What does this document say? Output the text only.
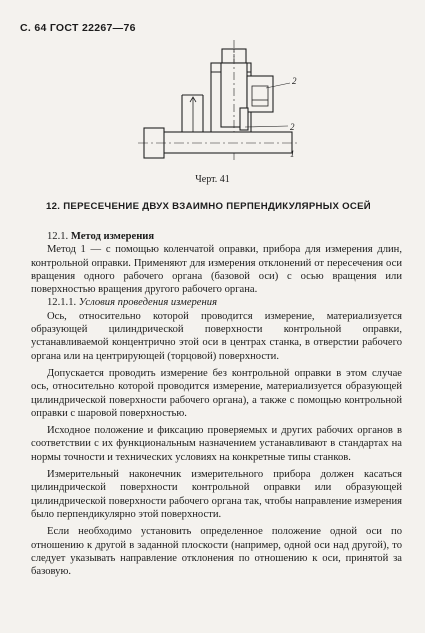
С. 64 ГОСТ 22267—76
2
2
1
Черт. 41
12. ПЕРЕСЕЧЕНИЕ ДВУХ ВЗАИМНО ПЕРПЕНДИКУЛЯРНЫХ ОСЕЙ

12.1. Метод измерения

Метод 1 — с помощью коленчатой оправки, прибора для измерения длин, контрольной оправки. Применяют для измерения отклонений от пересечения оси вращения одного рабочего органа (базовой оси) с осью вращения или поверхностью вращения другого рабочего органа.

12.1.1. Условия проведения измерения

Ось, относительно которой проводится измерение, материализуется образующей цилиндрической поверхности контрольной оправки, устанавливаемой концентрично этой оси в центрах станка, в отверстии рабочего органа или на центрирующей (торцовой) поверхности.

Допускается проводить измерение без контрольной оправки в этом случае ось, относительно которой проводится измерение, материализуется образующей цилиндрической поверхности рабочего органа), а также с помощью контрольной оправки с шаровой поверхностью.

Исходное положение и фиксацию проверяемых и других рабочих органов в соответствии с их функциональным назначением устанавливают в стандартах на нормы точности и технических условиях на конкретные типы станков.

Измерительный наконечник измерительного прибора должен касаться цилиндрической поверхности контрольной оправки или образующей цилиндрической поверхности рабочего органа так, чтобы направление измерения было перпендикулярно этой поверхности.

Если необходимо установить определенное положение одной оси по отношению к другой в заданной плоскости (например, одной оси над другой), то следует указывать направление отклонения по отношению к оси, принятой за базовую.
